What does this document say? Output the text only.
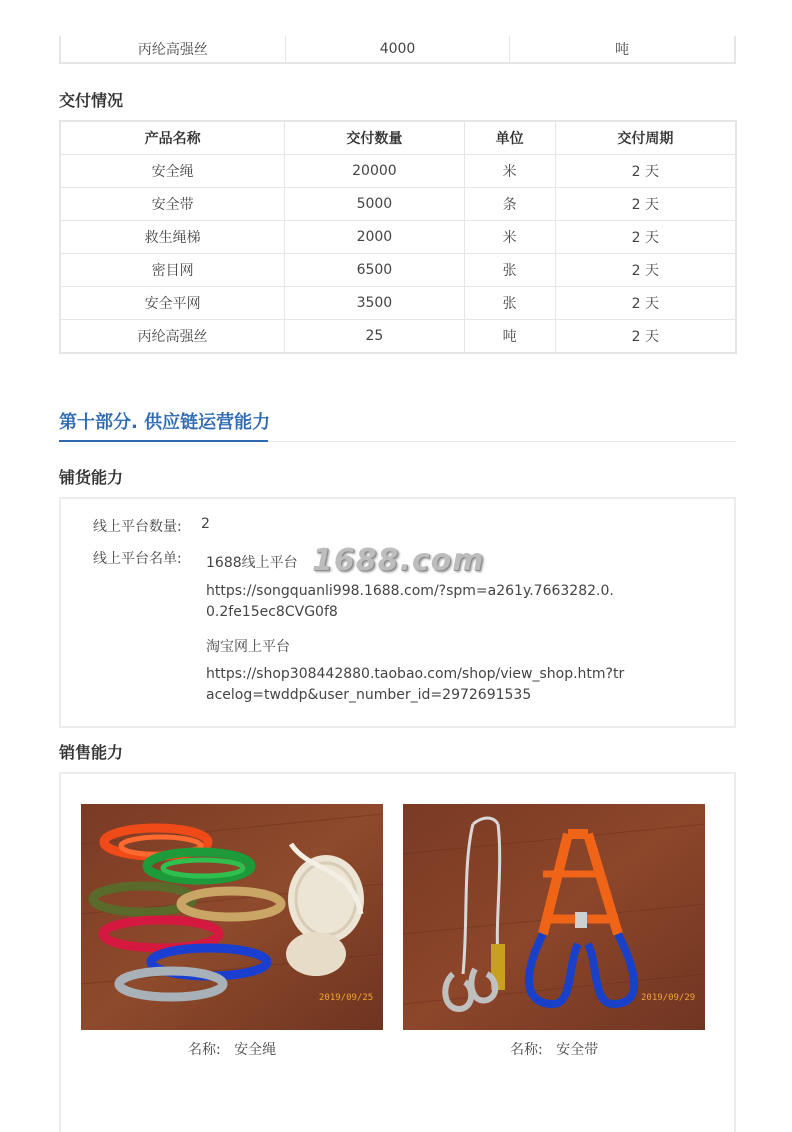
丙纶高强丝	4000	吨
交付情况
产品名称	交付数量	单位	交付周期
安全绳	20000	米	2 天
安全带	5000	条	2 天
救生绳梯	2000	米	2 天
密目网	6500	张	2 天
安全平网	3500	张	2 天
丙纶高强丝	25	吨	2 天
第十部分. 供应链运营能力
铺货能力
线上平台数量: 2
线上平台名单: 1688线上平台 1688.com
https://songquanli998.1688.com/?spm=a261y.7663282.0.0.2fe15ec8CVG0f8
淘宝网上平台
https://shop308442880.taobao.com/shop/view_shop.htm?tracelog=twddp&user_number_id=2972691535
销售能力
2019/09/25
名称: 安全绳
2019/09/29
名称: 安全带
